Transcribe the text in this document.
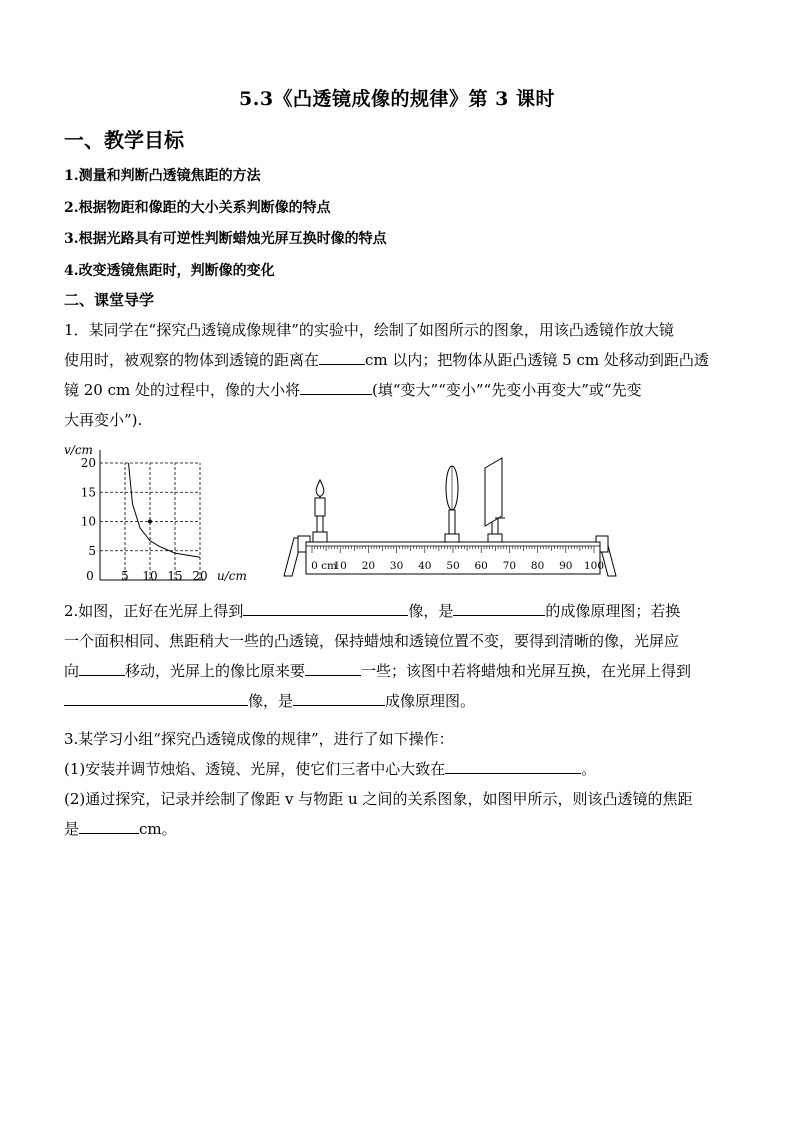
5.3《凸透镜成像的规律》第 3 课时
一、教学目标
1.测量和判断凸透镜焦距的方法
2.根据物距和像距的大小关系判断像的特点
3.根据光路具有可逆性判断蜡烛光屏互换时像的特点
4.改变透镜焦距时，判断像的变化
二、课堂导学
1．某同学在“探究凸透镜成像规律”的实验中，绘制了如图所示的图象，用该凸透镜作放大镜
使用时，被观察的物体到透镜的距离在	cm 以内；把物体从距凸透镜 5 cm 处移动到距凸透
镜 20 cm 处的过程中，像的大小将	(填“变大”“变小”“先变小再变大”或“先变
大再变小”).
v/cm
5
10
15
20
0 5 10 15 20 u/cm
0 cm
10 20 30 40 50 60 70 80 90 100
2.如图，正好在光屏上得到	像，是	的成像原理图；若换
一个面积相同、焦距稍大一些的凸透镜，保持蜡烛和透镜位置不变，要得到清晰的像，光屏应
向	移动，光屏上的像比原来要	一些；该图中若将蜡烛和光屏互换，在光屏上得到
像，是	成像原理图。
3.某学习小组“探究凸透镜成像的规律”，进行了如下操作：
(1)安装并调节烛焰、透镜、光屏，使它们三者中心大致在	。
(2)通过探究，记录并绘制了像距 v 与物距 u 之间的关系图象，如图甲所示，则该凸透镜的焦距
是	cm。
